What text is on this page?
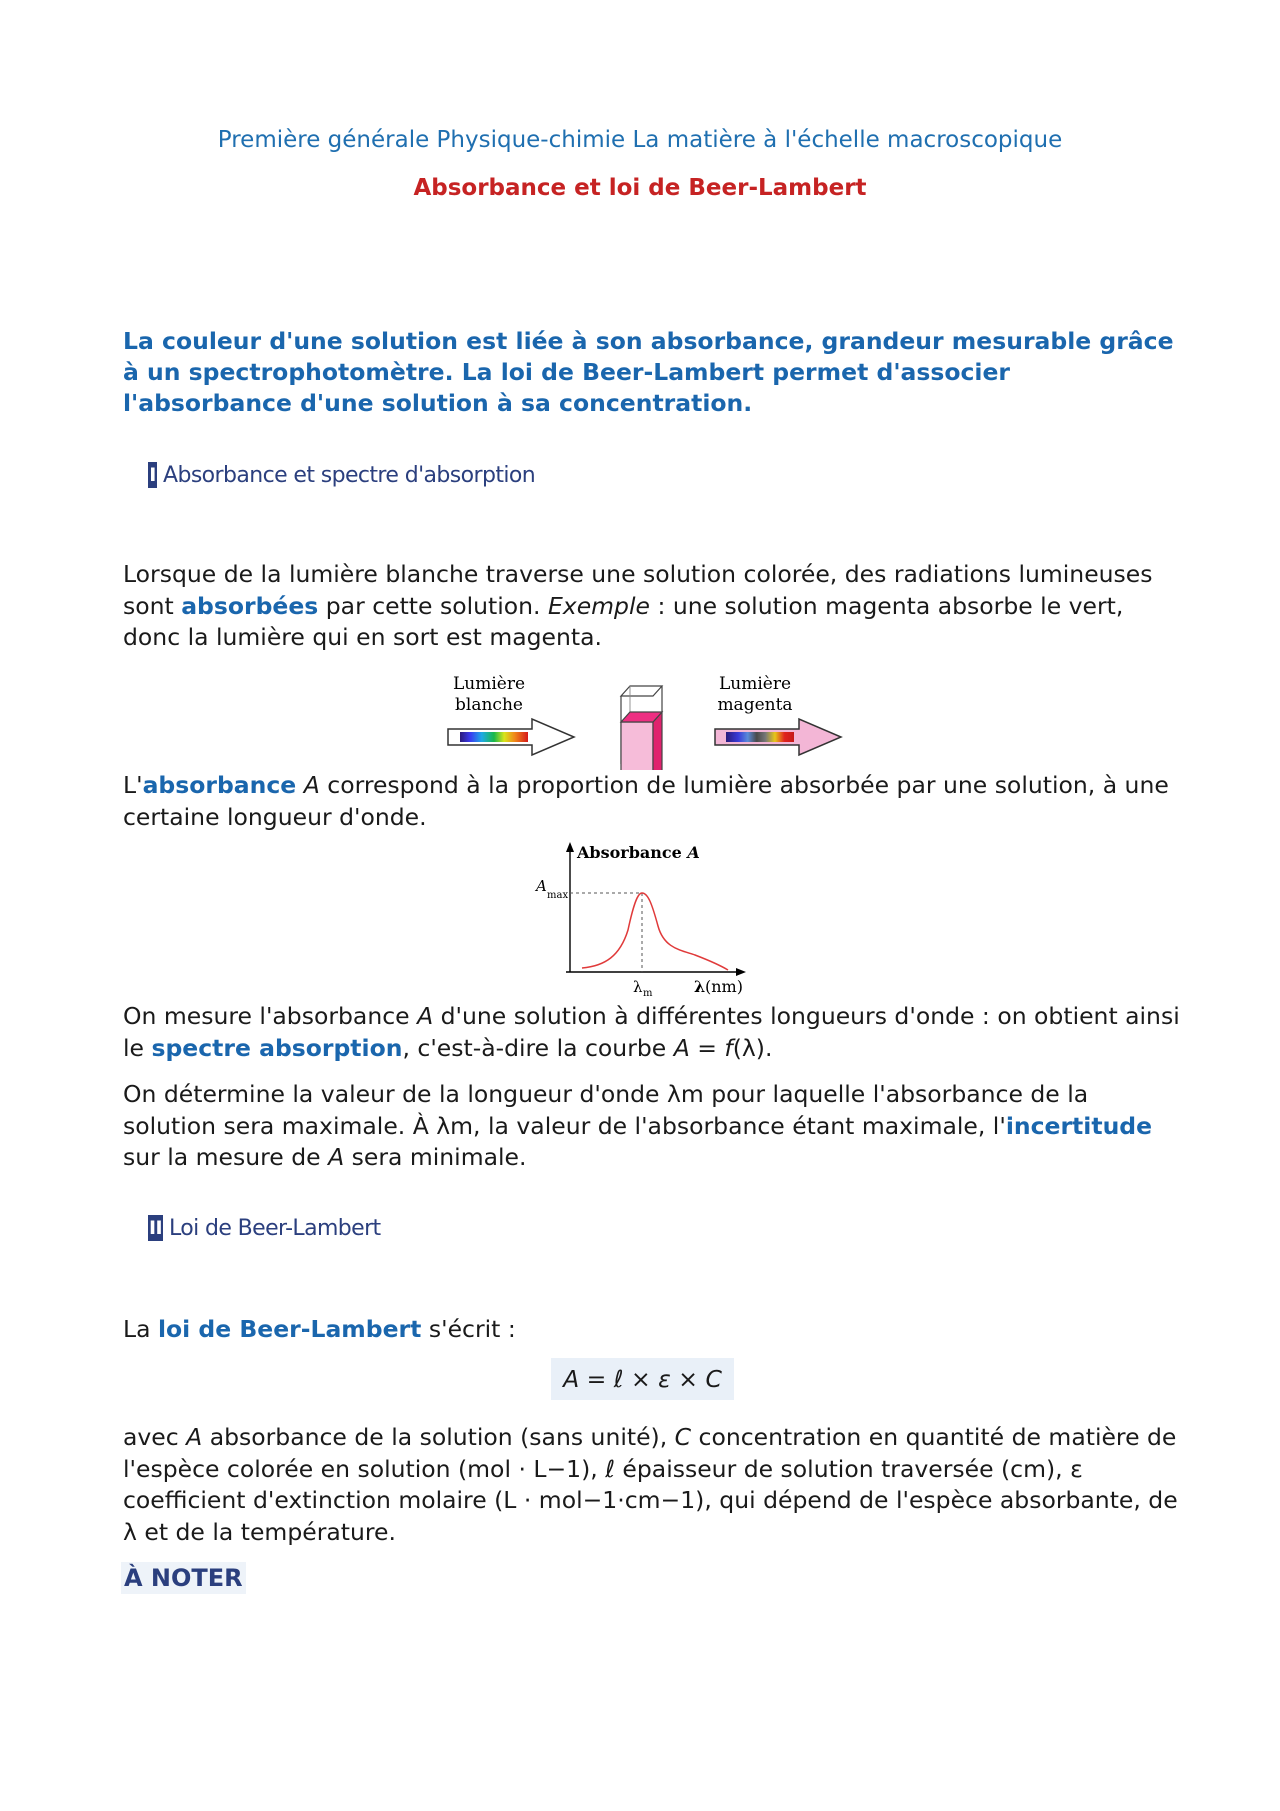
Première générale Physique-chimie La matière à l'échelle macroscopique
Absorbance et loi de Beer-Lambert
La couleur d'une solution est liée à son absorbance, grandeur mesurable grâce à un spectrophotomètre. La loi de Beer-Lambert permet d'associer l'absorbance d'une solution à sa concentration.
I Absorbance et spectre d'absorption
Lorsque de la lumière blanche traverse une solution colorée, des radiations lumineuses sont absorbées par cette solution. Exemple : une solution magenta absorbe le vert, donc la lumière qui en sort est magenta.
Lumière
blanche
Lumière
magenta
L'absorbance A correspond à la proportion de lumière absorbée par une solution, à une certaine longueur d'onde.
Absorbance A
A
max
λ m	λ (nm)
On mesure l'absorbance A d'une solution à différentes longueurs d'onde : on obtient ainsi le spectre absorption, c'est-à-dire la courbe A = f(λ).
On détermine la valeur de la longueur d'onde λm pour laquelle l'absorbance de la solution sera maximale. À λm, la valeur de l'absorbance étant maximale, l'incertitude sur la mesure de A sera minimale.
II Loi de Beer-Lambert
La loi de Beer-Lambert s'écrit :
A = ℓ × ε × C
avec A absorbance de la solution (sans unité), C concentration en quantité de matière de l'espèce colorée en solution (mol · L−1), ℓ épaisseur de solution traversée (cm), ε coefficient d'extinction molaire (L · mol−1·cm−1), qui dépend de l'espèce absorbante, de λ et de la température.
À NOTER
